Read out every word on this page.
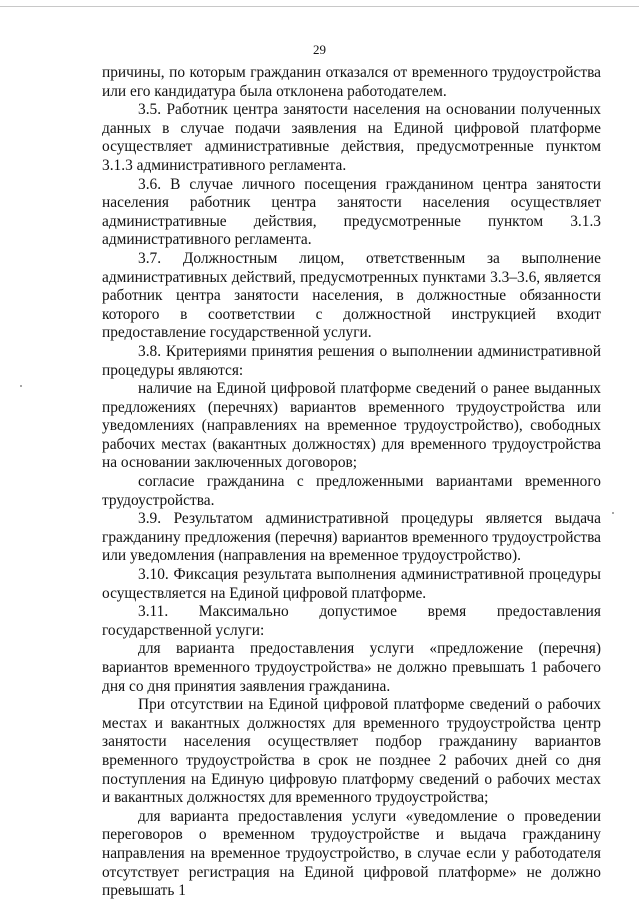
29

причины, по которым гражданин отказался от временного трудоустройства или его кандидатура была отклонена работодателем.

3.5. Работник центра занятости населения на основании полученных данных в случае подачи заявления на Единой цифровой платформе осуществляет административные действия, предусмотренные пунктом 3.1.3 административного регламента.

3.6. В случае личного посещения гражданином центра занятости населения работник центра занятости населения осуществляет административные действия, предусмотренные пунктом 3.1.3 административного регламента.

3.7. Должностным лицом, ответственным за выполнение административных действий, предусмотренных пунктами 3.3–3.6, является работник центра занятости населения, в должностные обязанности которого в соответствии с должностной инструкцией входит предоставление государственной услуги.

3.8. Критериями принятия решения о выполнении административной процедуры являются:

наличие на Единой цифровой платформе сведений о ранее выданных предложениях (перечнях) вариантов временного трудоустройства или уведомлениях (направлениях на временное трудоустройство), свободных рабочих местах (вакантных должностях) для временного трудоустройства на основании заключенных договоров;

согласие гражданина с предложенными вариантами временного трудоустройства.

3.9. Результатом административной процедуры является выдача гражданину предложения (перечня) вариантов временного трудоустройства или уведомления (направления на временное трудоустройство).

3.10. Фиксация результата выполнения административной процедуры осуществляется на Единой цифровой платформе.

3.11. Максимально допустимое время предоставления государственной услуги:

для варианта предоставления услуги «предложение (перечня) вариантов временного трудоустройства» не должно превышать 1 рабочего дня со дня принятия заявления гражданина.

При отсутствии на Единой цифровой платформе сведений о рабочих местах и вакантных должностях для временного трудоустройства центр занятости населения осуществляет подбор гражданину вариантов временного трудоустройства в срок не позднее 2 рабочих дней со дня поступления на Единую цифровую платформу сведений о рабочих местах и вакантных должностях для временного трудоустройства;

для варианта предоставления услуги «уведомление о проведении переговоров о временном трудоустройстве и выдача гражданину направления на временное трудоустройство, в случае если у работодателя отсутствует регистрация на Единой цифровой платформе» не должно превышать 1
